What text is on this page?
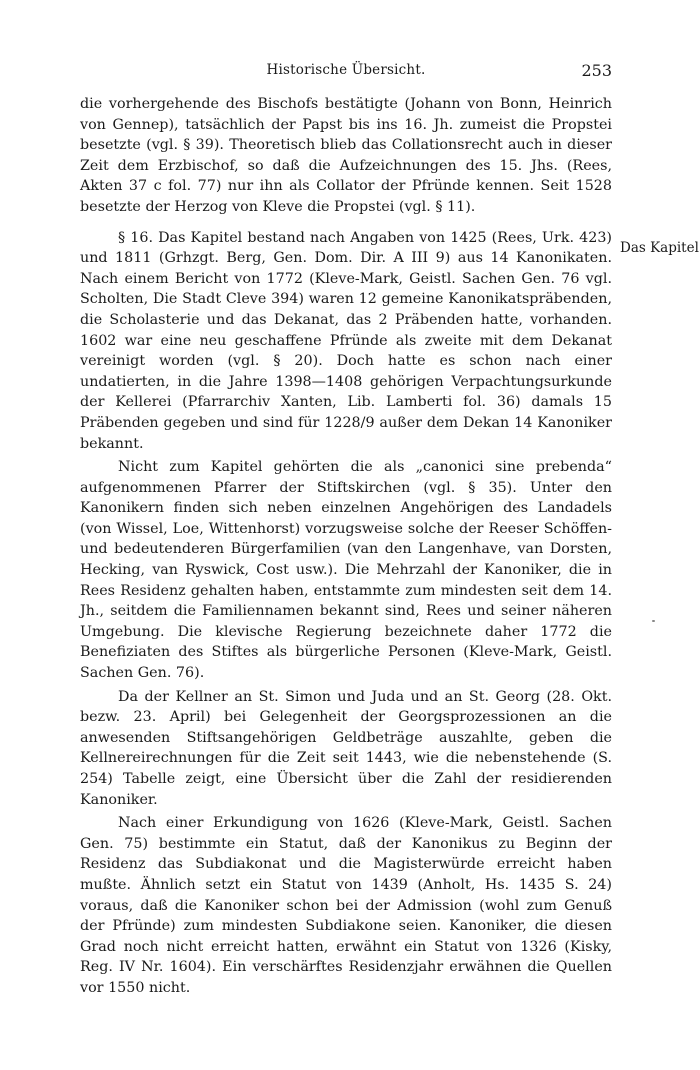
Historische Übersicht.	253

die vorhergehende des Bischofs bestätigte (Johann von Bonn, Heinrich von Gennep), tatsächlich der Papst bis ins 16. Jh. zumeist die Propstei besetzte (vgl. § 39). Theoretisch blieb das Collationsrecht auch in dieser Zeit dem Erzbischof, so daß die Aufzeichnungen des 15. Jhs. (Rees, Akten 37 c fol. 77) nur ihn als Collator der Pfründe kennen. Seit 1528 besetzte der Herzog von Kleve die Propstei (vgl. § 11).

§ 16. Das Kapitel bestand nach Angaben von 1425 (Rees, Urk. 423) und 1811 (Grhzgt. Berg, Gen. Dom. Dir. A III 9) aus 14 Kanonikaten. Nach einem Bericht von 1772 (Kleve-Mark, Geistl. Sachen Gen. 76 vgl. Scholten, Die Stadt Cleve 394) waren 12 gemeine Kanonikatspräbenden, die Scholasterie und das Dekanat, das 2 Präbenden hatte, vorhanden. 1602 war eine neu geschaffene Pfründe als zweite mit dem Dekanat vereinigt worden (vgl. § 20). Doch hatte es schon nach einer undatierten, in die Jahre 1398—1408 gehörigen Verpachtungsurkunde der Kellerei (Pfarrarchiv Xanten, Lib. Lamberti fol. 36) damals 15 Präbenden gegeben und sind für 1228/9 außer dem Dekan 14 Kanoniker bekannt.

Nicht zum Kapitel gehörten die als „canonici sine prebenda“ aufgenommenen Pfarrer der Stiftskirchen (vgl. § 35). Unter den Kanonikern finden sich neben einzelnen Angehörigen des Landadels (von Wissel, Loe, Wittenhorst) vorzugsweise solche der Reeser Schöffen- und bedeutenderen Bürgerfamilien (van den Langenhave, van Dorsten, Hecking, van Ryswick, Cost usw.). Die Mehrzahl der Kanoniker, die in Rees Residenz gehalten haben, entstammte zum mindesten seit dem 14. Jh., seitdem die Familiennamen bekannt sind, Rees und seiner näheren Umgebung. Die klevische Regierung bezeichnete daher 1772 die Benefiziaten des Stiftes als bürgerliche Personen (Kleve-Mark, Geistl. Sachen Gen. 76).

Da der Kellner an St. Simon und Juda und an St. Georg (28. Okt. bezw. 23. April) bei Gelegenheit der Georgsprozessionen an die anwesenden Stiftsangehörigen Geldbeträge auszahlte, geben die Kellnereirechnungen für die Zeit seit 1443, wie die nebenstehende (S. 254) Tabelle zeigt, eine Übersicht über die Zahl der residierenden Kanoniker.

Nach einer Erkundigung von 1626 (Kleve-Mark, Geistl. Sachen Gen. 75) bestimmte ein Statut, daß der Kanonikus zu Beginn der Residenz das Subdiakonat und die Magisterwürde erreicht haben mußte. Ähnlich setzt ein Statut von 1439 (Anholt, Hs. 1435 S. 24) voraus, daß die Kanoniker schon bei der Admission (wohl zum Genuß der Pfründe) zum mindesten Subdiakone seien. Kanoniker, die diesen Grad noch nicht erreicht hatten, erwähnt ein Statut von 1326 (Kisky, Reg. IV Nr. 1604). Ein verschärftes Residenzjahr erwähnen die Quellen vor 1550 nicht.

Das Kapitel
